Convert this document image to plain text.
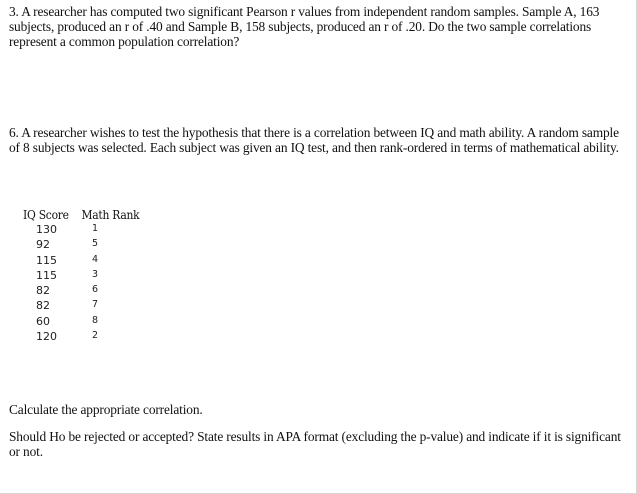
3. A researcher has computed two significant Pearson r values from independent random samples. Sample A, 163 subjects, produced an r of .40 and Sample B, 158 subjects, produced an r of .20. Do the two sample correlations represent a common population correlation?

6. A researcher wishes to test the hypothesis that there is a correlation between IQ and math ability. A random sample of 8 subjects was selected. Each subject was given an IQ test, and then rank-ordered in terms of mathematical ability.

IQ Score	Math Rank
130	1
92	5
115	4
115	3
82	6
82	7
60	8
120	2

Calculate the appropriate correlation.

Should Ho be rejected or accepted? State results in APA format (excluding the p-value) and indicate if it is significant or not.
